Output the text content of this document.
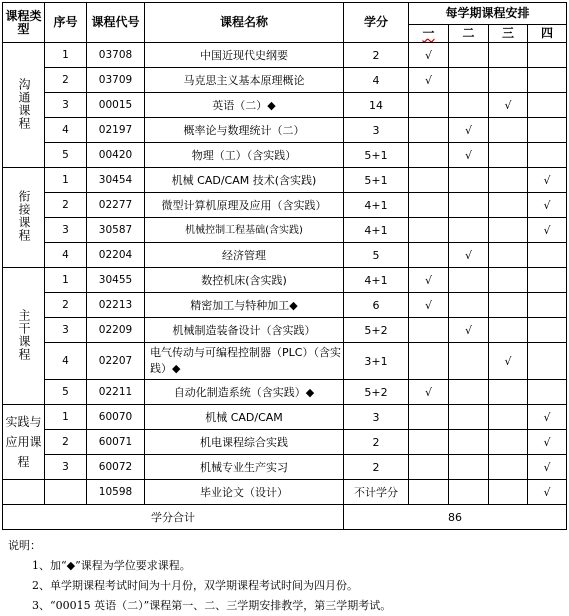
课程类型	序号	课程代号	课程名称	学分	每学期课程安排			
					一	二	三	四
沟通课程	1	03708	中国近现代史纲要	2	√			
	2	03709	马克思主义基本原理概论	4	√			
	3	00015	英语（二）◆	14			√	
	4	02197	概率论与数理统计（二）	3		√		
	5	00420	物理（工）（含实践）	5+1		√		
衔接课程	1	30454	机械 CAD/CAM 技术(含实践)	5+1				√
	2	02277	微型计算机原理及应用（含实践）	4+1				√
	3	30587	机械控制工程基础(含实践)	4+1				√
	4	02204	经济管理	5		√		
主干课程	1	30455	数控机床(含实践)	4+1	√			
	2	02213	精密加工与特种加工◆	6	√			
	3	02209	机械制造装备设计（含实践）	5+2		√		
	4	02207	电气传动与可编程控制器（PLC）（含实践）◆	3+1			√	
	5	02211	自动化制造系统（含实践）◆	5+2	√			
实践与应用课程	1	60070	机械 CAD/CAM	3				√
	2	60071	机电课程综合实践	2				√
	3	60072	机械专业生产实习	2				√
		10598	毕业论文（设计）	不计学分				√
学分合计				86				
说明：
1、加“◆”课程为学位要求课程。
2、单学期课程考试时间为十月份，双学期课程考试时间为四月份。
3、“00015 英语（二）”课程第一、二、三学期安排教学，第三学期考试。
